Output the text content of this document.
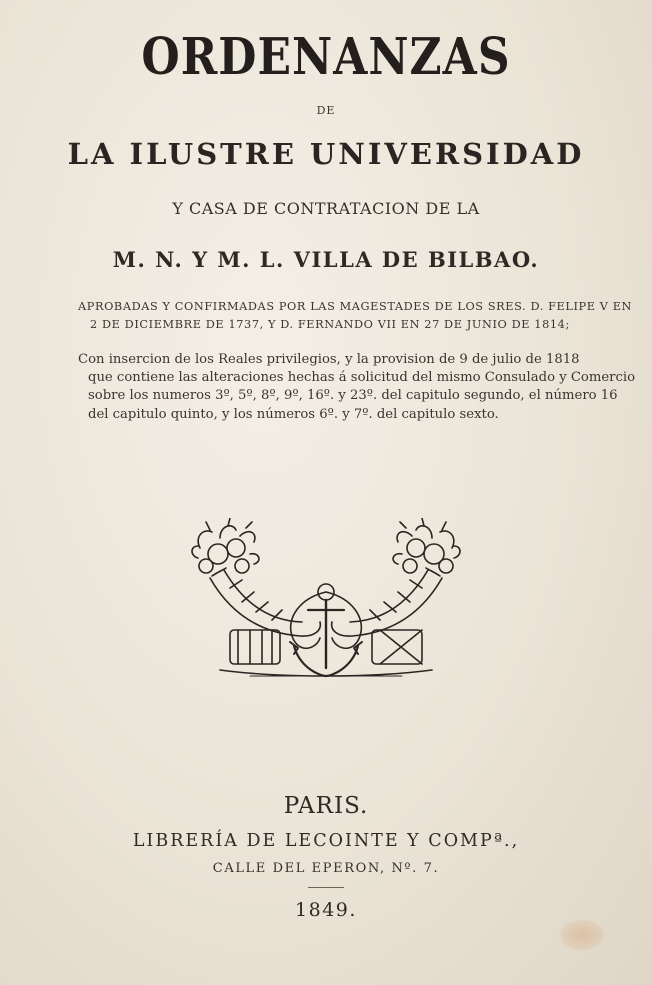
ORDENANZAS
DE
LA ILUSTRE UNIVERSIDAD
Y CASA DE CONTRATACION DE LA
M. N. Y M. L. VILLA DE BILBAO.
APROBADAS Y CONFIRMADAS POR LAS MAGESTADES DE LOS SRES. D. FELIPE V EN
2 DE DICIEMBRE DE 1737, Y D. FERNANDO VII EN 27 DE JUNIO DE 1814;
Con insercion de los Reales privilegios, y la provision de 9 de julio de 1818
que contiene las alteraciones hechas á solicitud del mismo Consulado y Comercio
sobre los numeros 3º, 5º, 8º, 9º, 16º. y 23º. del capitulo segundo, el número 16
del capitulo quinto, y los números 6º. y 7º. del capitulo sexto.
PARIS.
LIBRERÍA DE LECOINTE Y COMPª.,
CALLE DEL EPERON, Nº. 7.
1849.
